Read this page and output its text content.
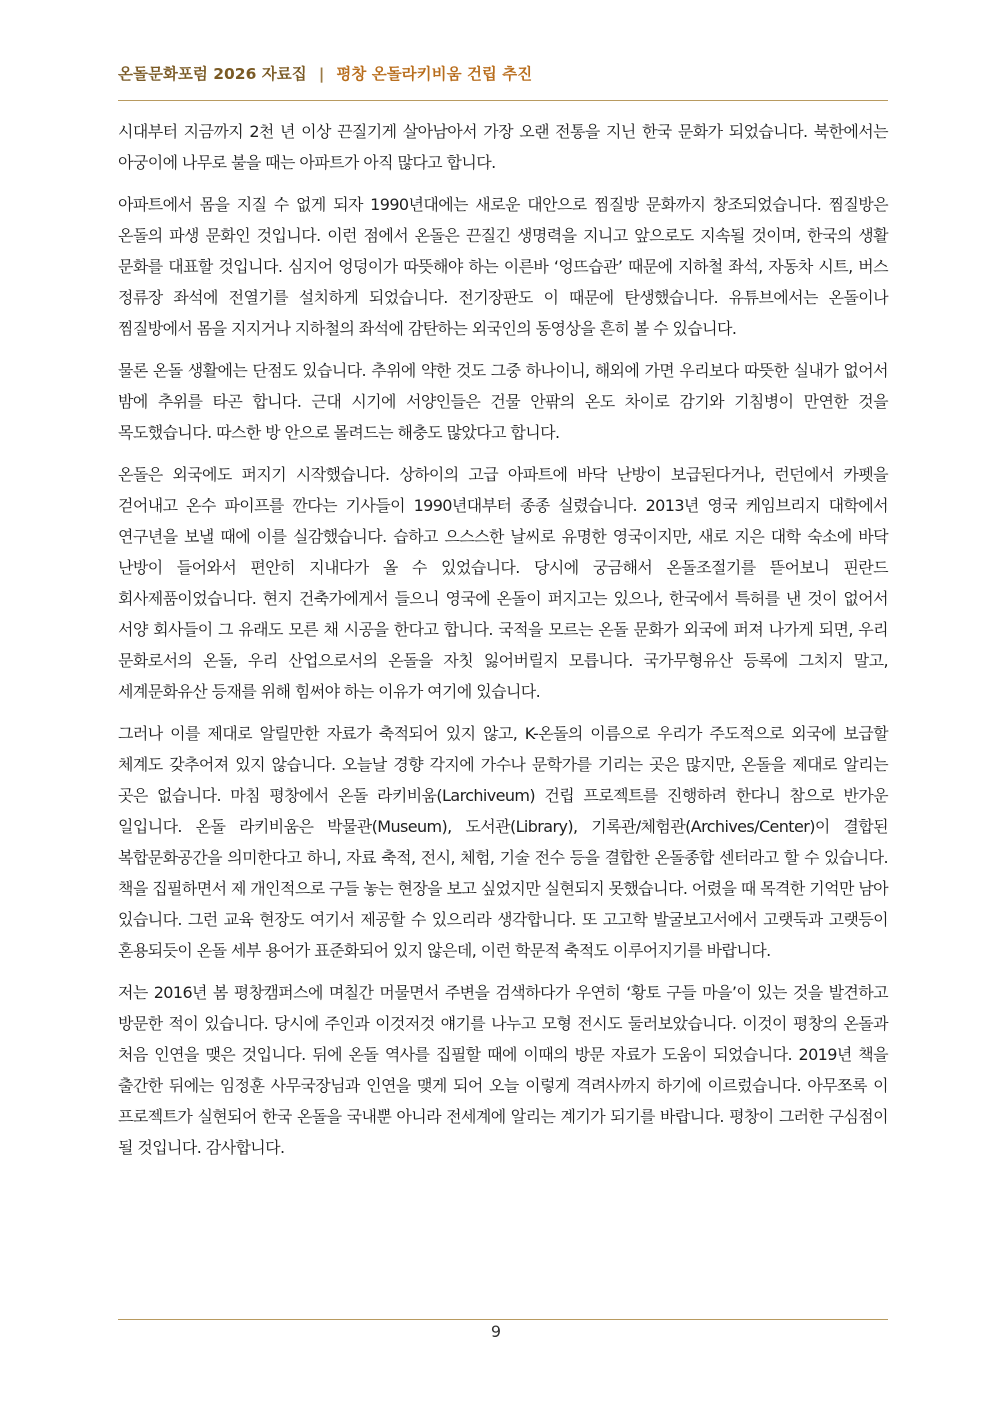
온돌문화포럼 2026 자료집 | 평창 온돌라키비움 건립 추진

시대부터 지금까지 2천 년 이상 끈질기게 살아남아서 가장 오랜 전통을 지닌 한국 문화가 되었습니다. 북한에서는 아궁이에 나무로 불을 때는 아파트가 아직 많다고 합니다.

아파트에서 몸을 지질 수 없게 되자 1990년대에는 새로운 대안으로 찜질방 문화까지 창조되었습니다. 찜질방은 온돌의 파생 문화인 것입니다. 이런 점에서 온돌은 끈질긴 생명력을 지니고 앞으로도 지속될 것이며, 한국의 생활 문화를 대표할 것입니다. 심지어 엉덩이가 따뜻해야 하는 이른바 ‘엉뜨습관’ 때문에 지하철 좌석, 자동차 시트, 버스 정류장 좌석에 전열기를 설치하게 되었습니다. 전기장판도 이 때문에 탄생했습니다. 유튜브에서는 온돌이나 찜질방에서 몸을 지지거나 지하철의 좌석에 감탄하는 외국인의 동영상을 흔히 볼 수 있습니다.

물론 온돌 생활에는 단점도 있습니다. 추위에 약한 것도 그중 하나이니, 해외에 가면 우리보다 따뜻한 실내가 없어서 밤에 추위를 타곤 합니다. 근대 시기에 서양인들은 건물 안팎의 온도 차이로 감기와 기침병이 만연한 것을 목도했습니다. 따스한 방 안으로 몰려드는 해충도 많았다고 합니다.

온돌은 외국에도 퍼지기 시작했습니다. 상하이의 고급 아파트에 바닥 난방이 보급된다거나, 런던에서 카펫을 걷어내고 온수 파이프를 깐다는 기사들이 1990년대부터 종종 실렸습니다. 2013년 영국 케임브리지 대학에서 연구년을 보낼 때에 이를 실감했습니다. 습하고 으스스한 날씨로 유명한 영국이지만, 새로 지은 대학 숙소에 바닥 난방이 들어와서 편안히 지내다가 올 수 있었습니다. 당시에 궁금해서 온돌조절기를 뜯어보니 핀란드 회사제품이었습니다. 현지 건축가에게서 들으니 영국에 온돌이 퍼지고는 있으나, 한국에서 특허를 낸 것이 없어서 서양 회사들이 그 유래도 모른 채 시공을 한다고 합니다. 국적을 모르는 온돌 문화가 외국에 퍼져 나가게 되면, 우리 문화로서의 온돌, 우리 산업으로서의 온돌을 자칫 잃어버릴지 모릅니다. 국가무형유산 등록에 그치지 말고, 세계문화유산 등재를 위해 힘써야 하는 이유가 여기에 있습니다.

그러나 이를 제대로 알릴만한 자료가 축적되어 있지 않고, K-온돌의 이름으로 우리가 주도적으로 외국에 보급할 체계도 갖추어져 있지 않습니다. 오늘날 경향 각지에 가수나 문학가를 기리는 곳은 많지만, 온돌을 제대로 알리는 곳은 없습니다. 마침 평창에서 온돌 라키비움(Larchiveum) 건립 프로젝트를 진행하려 한다니 참으로 반가운 일입니다. 온돌 라키비움은 박물관(Museum), 도서관(Library), 기록관/체험관(Archives/Center)이 결합된 복합문화공간을 의미한다고 하니, 자료 축적, 전시, 체험, 기술 전수 등을 결합한 온돌종합 센터라고 할 수 있습니다. 책을 집필하면서 제 개인적으로 구들 놓는 현장을 보고 싶었지만 실현되지 못했습니다. 어렸을 때 목격한 기억만 남아 있습니다. 그런 교육 현장도 여기서 제공할 수 있으리라 생각합니다. 또 고고학 발굴보고서에서 고랫둑과 고랫등이 혼용되듯이 온돌 세부 용어가 표준화되어 있지 않은데, 이런 학문적 축적도 이루어지기를 바랍니다.

저는 2016년 봄 평창캠퍼스에 며칠간 머물면서 주변을 검색하다가 우연히 ‘황토 구들 마을’이 있는 것을 발견하고 방문한 적이 있습니다. 당시에 주인과 이것저것 얘기를 나누고 모형 전시도 둘러보았습니다. 이것이 평창의 온돌과 처음 인연을 맺은 것입니다. 뒤에 온돌 역사를 집필할 때에 이때의 방문 자료가 도움이 되었습니다. 2019년 책을 출간한 뒤에는 임정훈 사무국장님과 인연을 맺게 되어 오늘 이렇게 격려사까지 하기에 이르렀습니다. 아무쪼록 이 프로젝트가 실현되어 한국 온돌을 국내뿐 아니라 전세계에 알리는 계기가 되기를 바랍니다. 평창이 그러한 구심점이 될 것입니다. 감사합니다.

9
